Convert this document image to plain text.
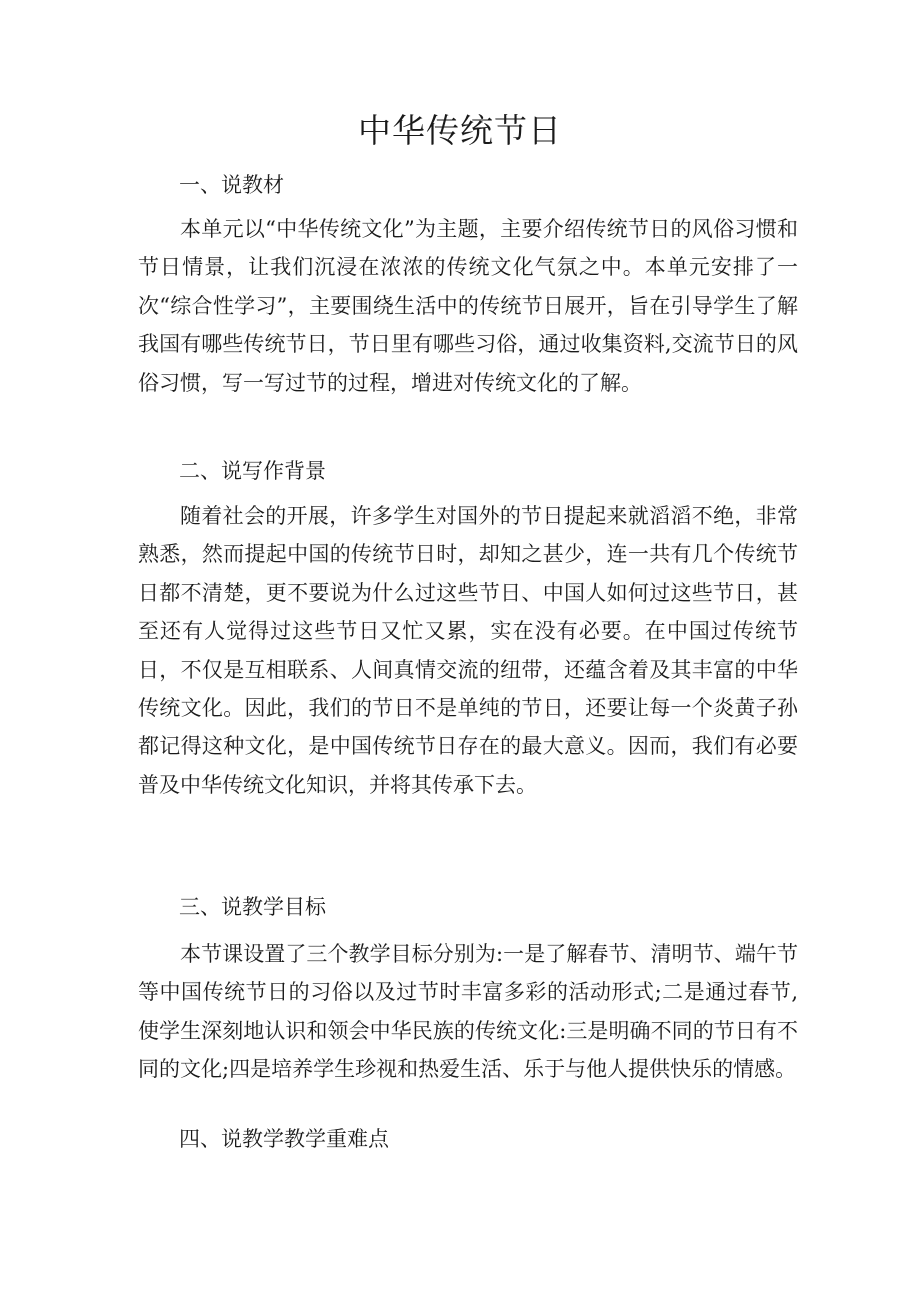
中华传统节日
一、说教材
本单元以“中华传统文化”为主题，主要介绍传统节日的风俗习惯和节日情景，让我们沉浸在浓浓的传统文化气氛之中。本单元安排了一次“综合性学习”，主要围绕生活中的传统节日展开，旨在引导学生了解我国有哪些传统节日，节日里有哪些习俗，通过收集资料,交流节日的风俗习惯，写一写过节的过程，增进对传统文化的了解。
二、说写作背景
随着社会的开展，许多学生对国外的节日提起来就滔滔不绝，非常熟悉，然而提起中国的传统节日时，却知之甚少，连一共有几个传统节日都不清楚，更不要说为什么过这些节日、中国人如何过这些节日，甚至还有人觉得过这些节日又忙又累，实在没有必要。在中国过传统节日，不仅是互相联系、人间真情交流的纽带，还蕴含着及其丰富的中华传统文化。因此，我们的节日不是单纯的节日，还要让每一个炎黄子孙都记得这种文化，是中国传统节日存在的最大意义。因而，我们有必要普及中华传统文化知识，并将其传承下去。
三、说教学目标
本节课设置了三个教学目标分别为:一是了解春节、清明节、端午节等中国传统节日的习俗以及过节时丰富多彩的活动形式;二是通过春节,使学生深刻地认识和领会中华民族的传统文化:三是明确不同的节日有不同的文化;四是培养学生珍视和热爱生活、乐于与他人提供快乐的情感。
四、说教学教学重难点
